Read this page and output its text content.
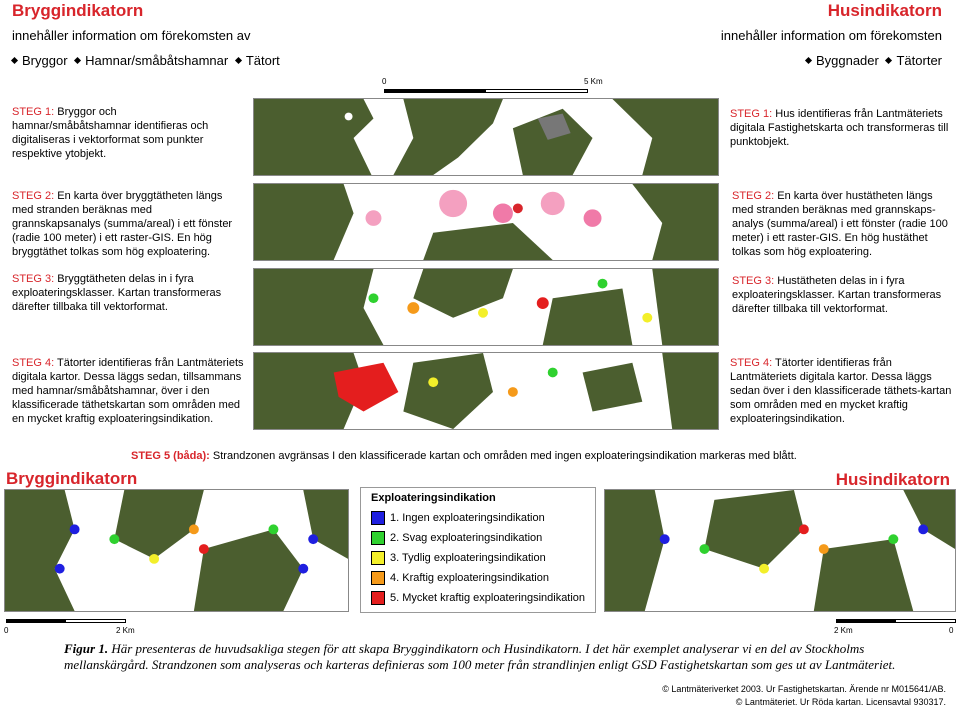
Bryggindikatorn
innehåller information om förekomsten av
Bryggor Hamnar/småbåtshamnar Tätort
Husindikatorn
innehåller information om förekomsten
Byggnader Tätorter
0	5 Km
STEG 1: Bryggor och hamnar/småbåtshamnar identifieras och digitaliseras i vektorformat som punkter respektive ytobjekt.
STEG 2: En karta över bryggtätheten längs med stranden beräknas med grannskapsanalys (summa/areal) i ett fönster (radie 100 meter) i ett raster-GIS. En hög bryggtäthet tolkas som hög exploatering.
STEG 3: Bryggtätheten delas in i fyra exploateringsklasser. Kartan transformeras därefter tillbaka till vektorformat.
STEG 4: Tätorter identifieras från Lantmäteriets digitala kartor. Dessa läggs sedan, tillsammans med hamnar/småbåtshamnar, över i den klassificerade täthetskartan som områden med en mycket kraftig exploateringsindikation.
STEG 1: Hus identifieras från Lantmäteriets digitala Fastighetskarta och transformeras till punktobjekt.
STEG 2: En karta över hustätheten längs med stranden beräknas med grannskaps-analys (summa/areal) i ett fönster (radie 100 meter) i ett raster-GIS. En hög hustäthet tolkas som hög exploatering.
STEG 3: Hustätheten delas in i fyra exploateringsklasser. Kartan transformeras därefter tillbaka till vektorformat.
STEG 4: Tätorter identifieras från Lantmäteriets digitala kartor. Dessa läggs sedan över i den klassificerade täthets-kartan som områden med en mycket kraftig exploateringsindikation.
STEG 5 (båda): Strandzonen avgränsas I den klassificerade kartan och områden med ingen exploateringsindikation markeras med blått.
Bryggindikatorn	Husindikatorn
Exploateringsindikation
1. Ingen exploateringsindikation
2. Svag exploateringsindikation
3. Tydlig exploateringsindikation
4. Kraftig exploateringsindikation
5. Mycket kraftig exploateringsindikation
0	2 Km	2 Km	0
Figur 1. Här presenteras de huvudsakliga stegen för att skapa Bryggindikatorn och Husindikatorn. I det här exemplet analyserar vi en del av Stockholms mellanskärgård. Strandzonen som analyseras och karteras definieras som 100 meter från strandlinjen enligt GSD Fastighetskartan som ges ut av Lantmäteriet.
© Lantmäteriverket 2003. Ur Fastighetskartan. Ärende nr M015641/AB.
© Lantmäteriet. Ur Röda kartan. Licensavtal 930317.
